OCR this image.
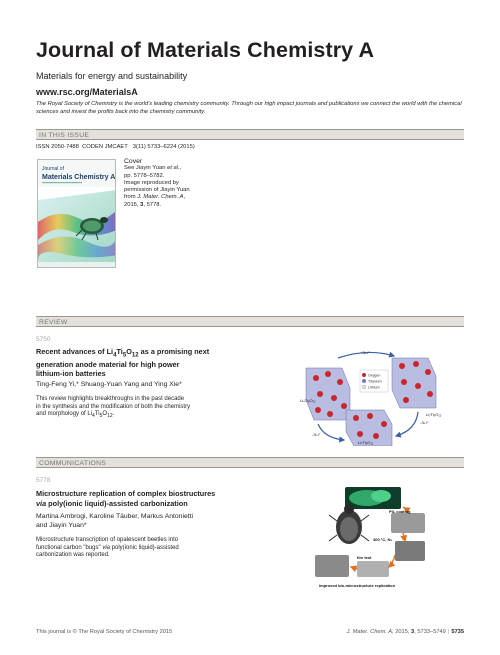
Journal of Materials Chemistry A
Materials for energy and sustainability
www.rsc.org/MaterialsA
The Royal Society of Chemistry is the world's leading chemistry community. Through our high impact journals and publications we connect the world with the chemical sciences and invest the profits back into the chemistry community.
IN THIS ISSUE
ISSN 2050-7488 CODEN JMCAET 3(11) 5733–6224 (2015)
Journal of
Materials Chemistry A
Cover
See Jiayin Yuan et al.,
pp. 5778–5782.
Image reproduced by
permission of Jiayin Yuan
from J. Mater. Chem. A,
2015, 3, 5778.
REVIEW
5750
Recent advances of $Li_4Ti_5O_{12}$ as a promising next
generation anode material for high power
lithium-ion batteries
Ting-Feng Yi,* Shuang-Yuan Yang and Ying Xie*
This review highlights breakthroughs in the past decade
in the synthesis and the modification of both the chemistry
and morphology of $Li_4Ti_5O_{12}$.
Oxygen
Titanium
Lithium
+3Li⁺
-3Li⁺
-3Li⁺
Li₄Ti₅O₁₂
Li₇Ti₅O₁₂
Li₇Ti₅O₁₂
COMMUNICATIONS
5778
Microstructure replication of complex biostructures
via poly(ionic liquid)-assisted carbonization
Martina Ambrogi, Karoline Täuber, Markus Antonietti
and Jiayin Yuan*
Microstructure transcription of opalescent beetles into
functional carbon "bugs" via poly(ionic liquid)-assisted
carbonization was reported.
PIL coating
400 °C, N₂
fire test
improved bio-microstructure replication
This journal is © The Royal Society of Chemistry 2015	J. Mater. Chem. A, 2015, 3, 5733–5749 | 5735
